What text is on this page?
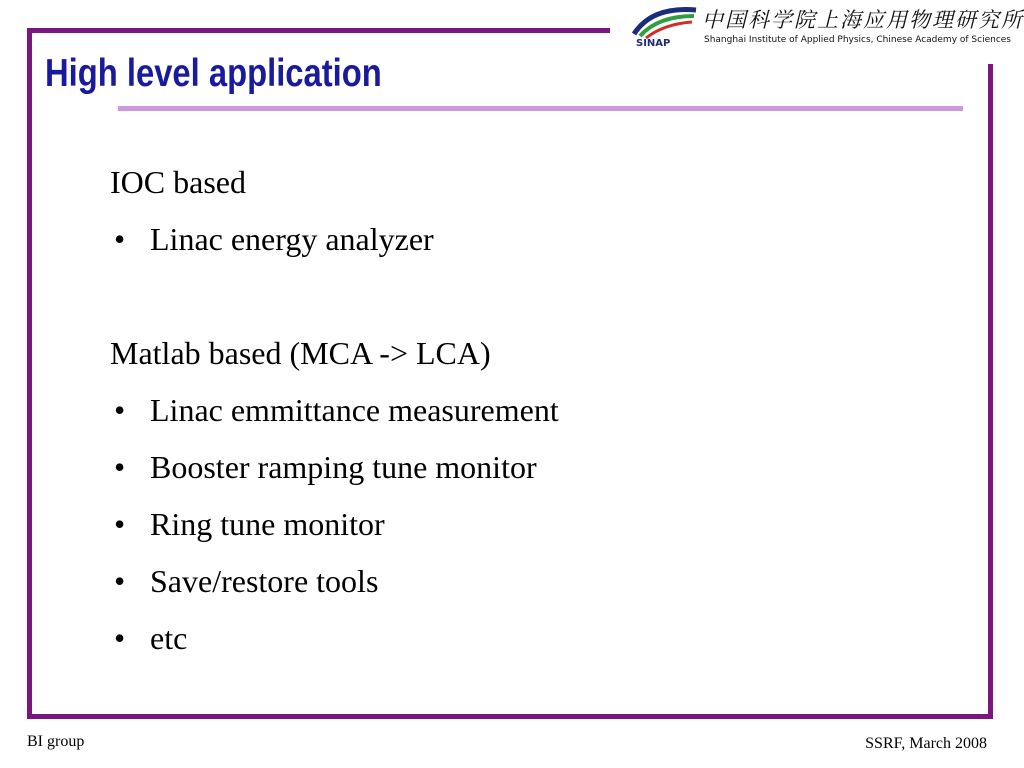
中国科学院上海应用物理研究所
Shanghai Institute of Applied Physics, Chinese Academy of Sciences
SINAP
High level application
IOC based
• Linac energy analyzer
Matlab based (MCA -> LCA)
• Linac emmittance measurement
• Booster ramping tune monitor
• Ring tune monitor
• Save/restore tools
• etc
BI group	SSRF, March 2008
